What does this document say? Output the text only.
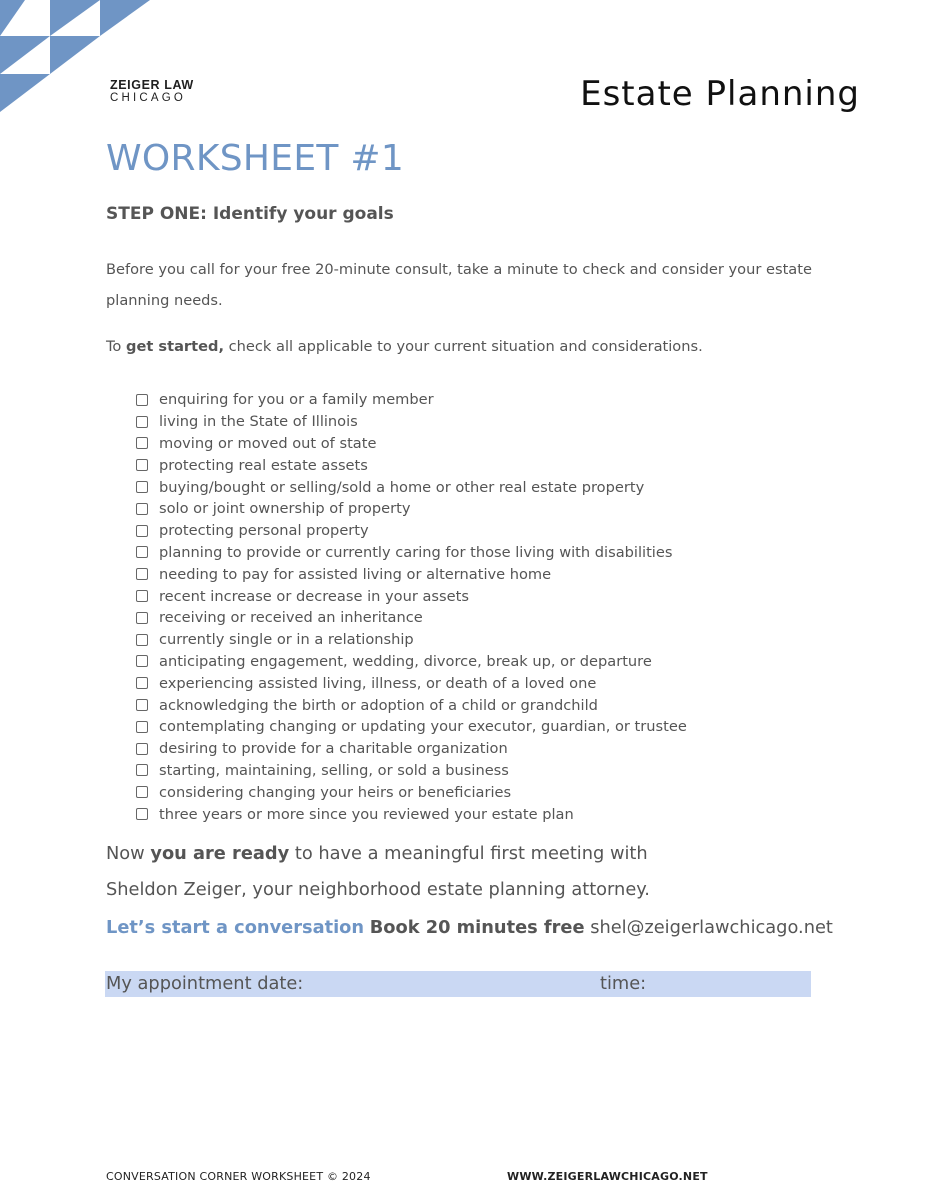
ZEIGER LAW
CHICAGO	Estate Planning
WORKSHEET #1
STEP ONE: Identify your goals
Before you call for your free 20-minute consult, take a minute to check and consider your estate planning needs.
To get started, check all applicable to your current situation and considerations.
enquiring for you or a family member
living in the State of Illinois
moving or moved out of state
protecting real estate assets
buying/bought or selling/sold a home or other real estate property
solo or joint ownership of property
protecting personal property
planning to provide or currently caring for those living with disabilities
needing to pay for assisted living or alternative home
recent increase or decrease in your assets
receiving or received an inheritance
currently single or in a relationship
anticipating engagement, wedding, divorce, break up, or departure
experiencing assisted living, illness, or death of a loved one
acknowledging the birth or adoption of a child or grandchild
contemplating changing or updating your executor, guardian, or trustee
desiring to provide for a charitable organization
starting, maintaining, selling, or sold a business
considering changing your heirs or beneficiaries
three years or more since you reviewed your estate plan
Now you are ready to have a meaningful first meeting with
Sheldon Zeiger, your neighborhood estate planning attorney.
Let’s start a conversation Book 20 minutes free shel@zeigerlawchicago.net
My appointment date:	time:
CONVERSATION CORNER WORKSHEET © 2024	WWW.ZEIGERLAWCHICAGO.NET
